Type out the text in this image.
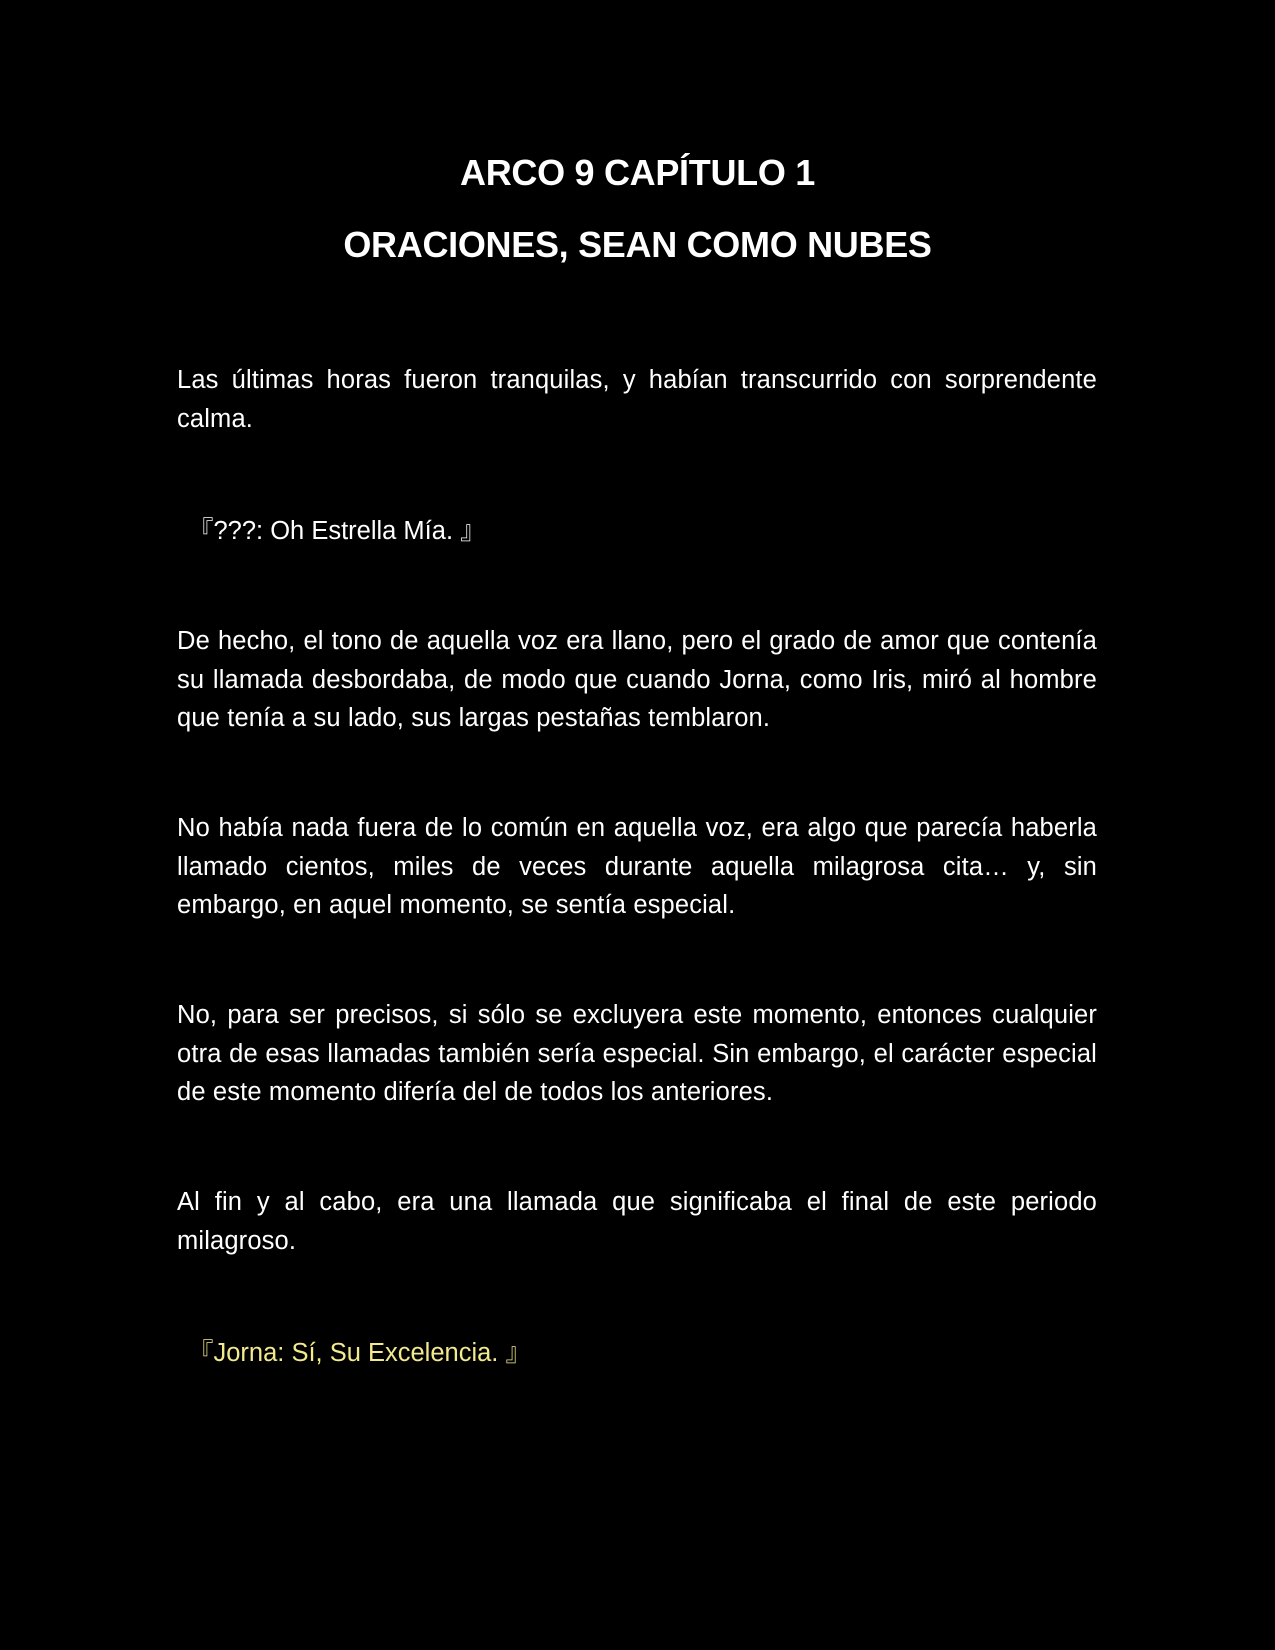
ARCO 9 CAPÍTULO 1
ORACIONES, SEAN COMO NUBES

Las últimas horas fueron tranquilas, y habían transcurrido con sorprendente calma.

『???: Oh Estrella Mía. 』

De hecho, el tono de aquella voz era llano, pero el grado de amor que contenía su llamada desbordaba, de modo que cuando Jorna, como Iris, miró al hombre que tenía a su lado, sus largas pestañas temblaron.

No había nada fuera de lo común en aquella voz, era algo que parecía haberla llamado cientos, miles de veces durante aquella milagrosa cita… y, sin embargo, en aquel momento, se sentía especial.

No, para ser precisos, si sólo se excluyera este momento, entonces cualquier otra de esas llamadas también sería especial. Sin embargo, el carácter especial de este momento difería del de todos los anteriores.

Al fin y al cabo, era una llamada que significaba el final de este periodo milagroso.

『Jorna: Sí, Su Excelencia. 』
